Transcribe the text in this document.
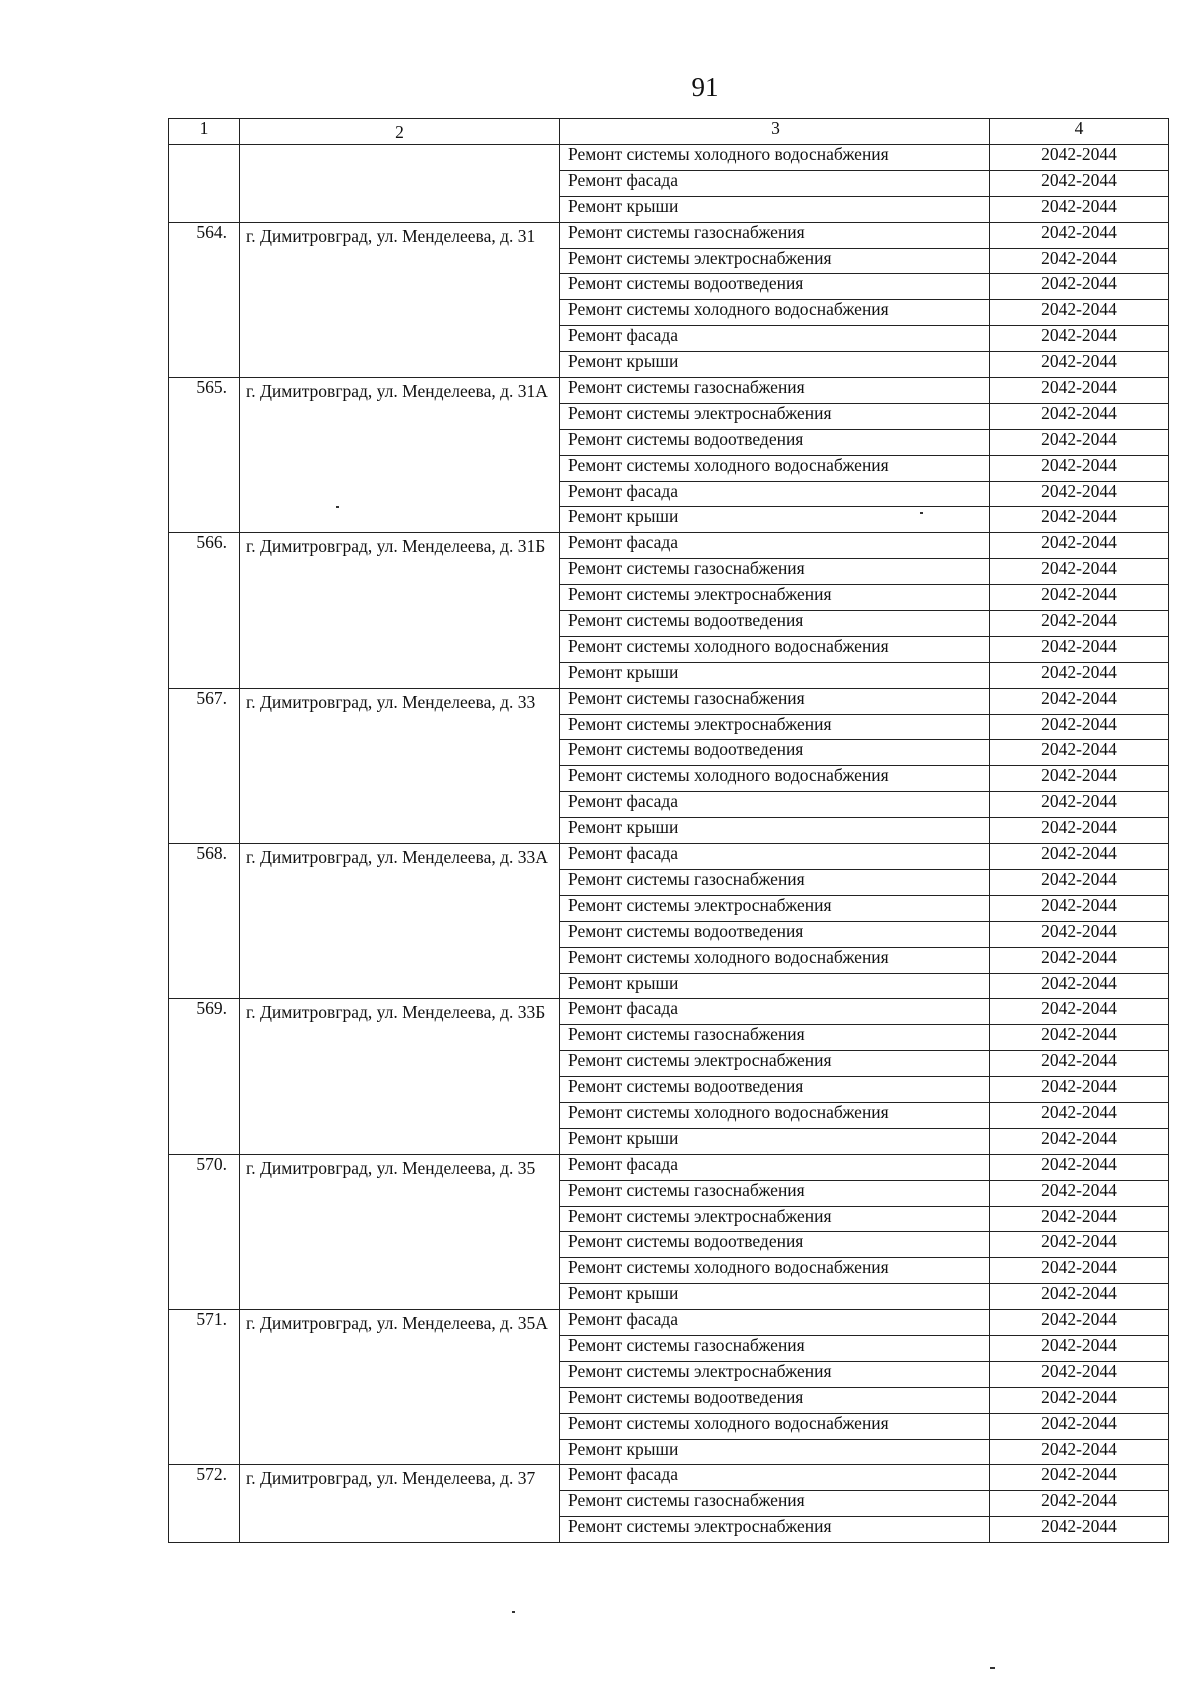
91
1	2	3	4
		Ремонт системы холодного водоснабжения	2042-2044
		Ремонт фасада	2042-2044
		Ремонт крыши	2042-2044
564.	г. Димитровград, ул. Менделеева, д. 31	Ремонт системы газоснабжения	2042-2044
		Ремонт системы электроснабжения	2042-2044
		Ремонт системы водоотведения	2042-2044
		Ремонт системы холодного водоснабжения	2042-2044
		Ремонт фасада	2042-2044
		Ремонт крыши	2042-2044
565.	г. Димитровград, ул. Менделеева, д. 31А	Ремонт системы газоснабжения	2042-2044
		Ремонт системы электроснабжения	2042-2044
		Ремонт системы водоотведения	2042-2044
		Ремонт системы холодного водоснабжения	2042-2044
		Ремонт фасада	2042-2044
		Ремонт крыши	2042-2044
566.	г. Димитровград, ул. Менделеева, д. 31Б	Ремонт фасада	2042-2044
		Ремонт системы газоснабжения	2042-2044
		Ремонт системы электроснабжения	2042-2044
		Ремонт системы водоотведения	2042-2044
		Ремонт системы холодного водоснабжения	2042-2044
		Ремонт крыши	2042-2044
567.	г. Димитровград, ул. Менделеева, д. 33	Ремонт системы газоснабжения	2042-2044
		Ремонт системы электроснабжения	2042-2044
		Ремонт системы водоотведения	2042-2044
		Ремонт системы холодного водоснабжения	2042-2044
		Ремонт фасада	2042-2044
		Ремонт крыши	2042-2044
568.	г. Димитровград, ул. Менделеева, д. 33А	Ремонт фасада	2042-2044
		Ремонт системы газоснабжения	2042-2044
		Ремонт системы электроснабжения	2042-2044
		Ремонт системы водоотведения	2042-2044
		Ремонт системы холодного водоснабжения	2042-2044
		Ремонт крыши	2042-2044
569.	г. Димитровград, ул. Менделеева, д. 33Б	Ремонт фасада	2042-2044
		Ремонт системы газоснабжения	2042-2044
		Ремонт системы электроснабжения	2042-2044
		Ремонт системы водоотведения	2042-2044
		Ремонт системы холодного водоснабжения	2042-2044
		Ремонт крыши	2042-2044
570.	г. Димитровград, ул. Менделеева, д. 35	Ремонт фасада	2042-2044
		Ремонт системы газоснабжения	2042-2044
		Ремонт системы электроснабжения	2042-2044
		Ремонт системы водоотведения	2042-2044
		Ремонт системы холодного водоснабжения	2042-2044
		Ремонт крыши	2042-2044
571.	г. Димитровград, ул. Менделеева, д. 35А	Ремонт фасада	2042-2044
		Ремонт системы газоснабжения	2042-2044
		Ремонт системы электроснабжения	2042-2044
		Ремонт системы водоотведения	2042-2044
		Ремонт системы холодного водоснабжения	2042-2044
		Ремонт крыши	2042-2044
572.	г. Димитровград, ул. Менделеева, д. 37	Ремонт фасада	2042-2044
		Ремонт системы газоснабжения	2042-2044
		Ремонт системы электроснабжения	2042-2044
